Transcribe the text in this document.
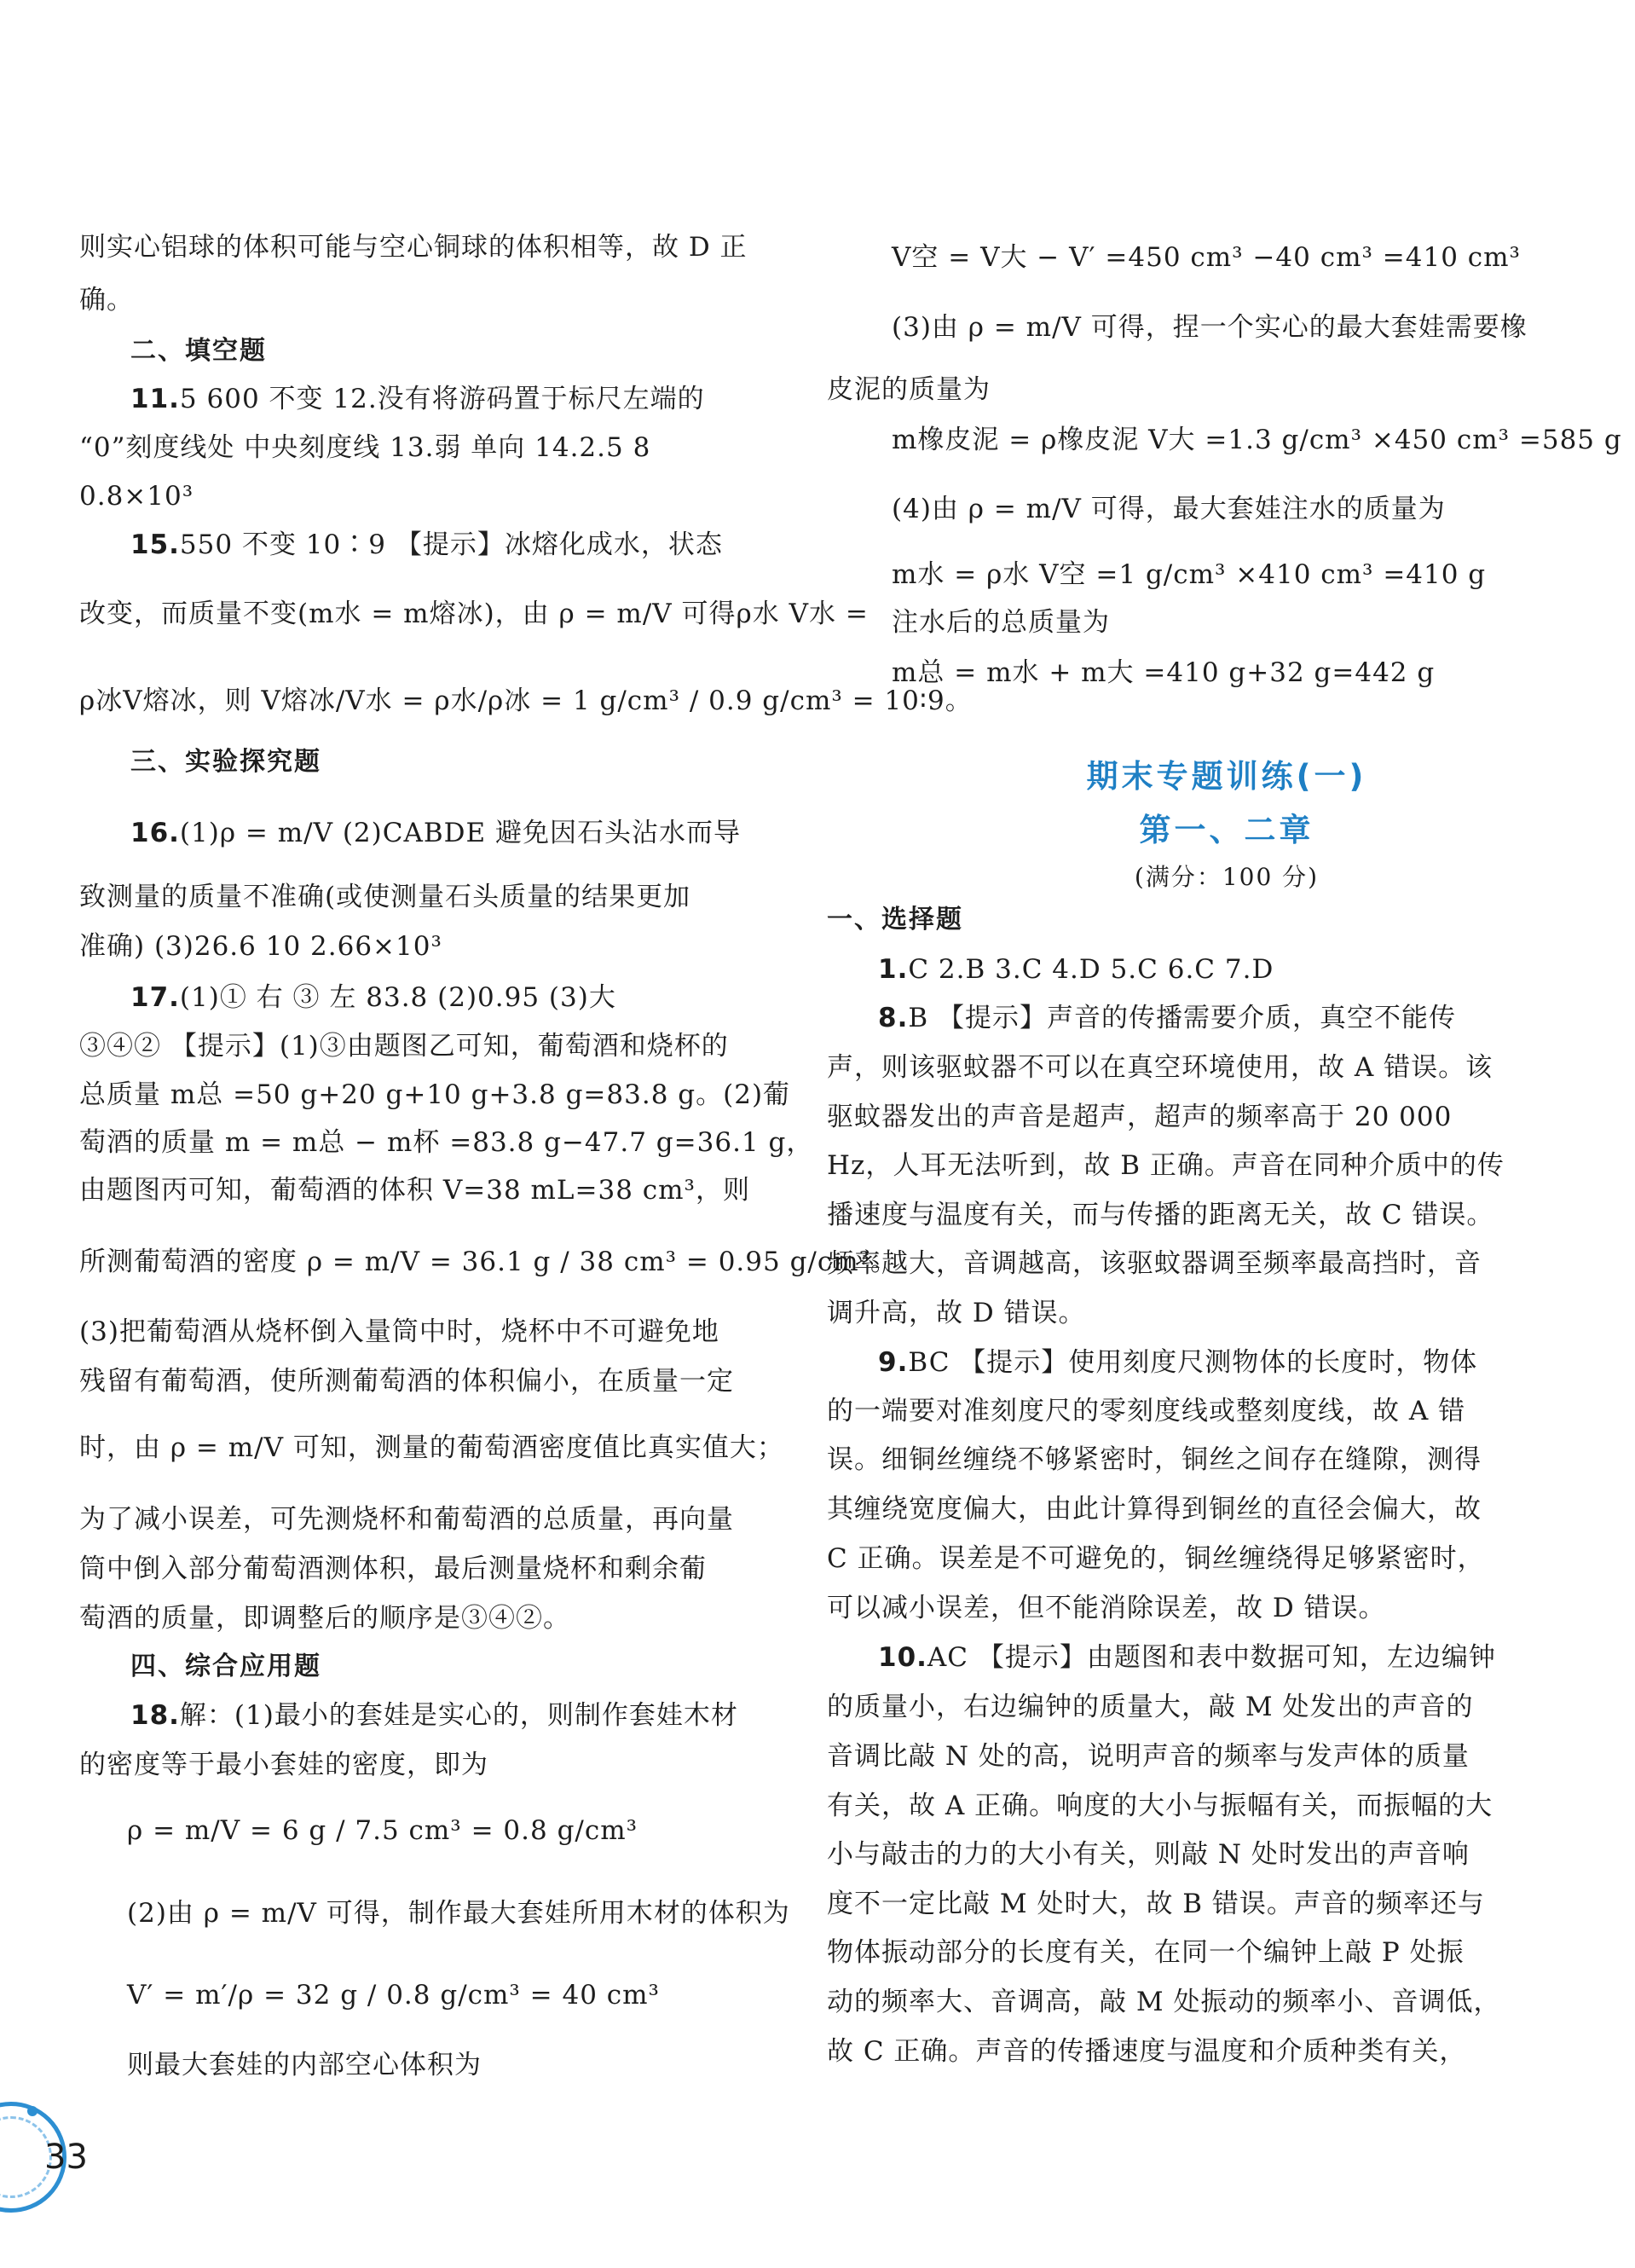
则实心铝球的体积可能与空心铜球的体积相等，故 D 正
确。
二、填空题
11.5 600 不变 12.没有将游码置于标尺左端的
“0”刻度线处 中央刻度线 13.弱 单向 14.2.5 8
0.8×10³
15.550 不变 10∶9 【提示】冰熔化成水，状态
改变，而质量不变(m水 = m熔冰)，由 ρ = m/V 可得ρ水 V水 =
ρ冰V熔冰，则 V熔冰/V水 = ρ水/ρ冰 = 1 g/cm³ / 0.9 g/cm³ = 10∶9。
三、实验探究题
16.(1)ρ = m/V (2)CABDE 避免因石头沾水而导
致测量的质量不准确(或使测量石头质量的结果更加
准确) (3)26.6 10 2.66×10³
17.(1)① 右 ③ 左 83.8 (2)0.95 (3)大
③④② 【提示】(1)③由题图乙可知，葡萄酒和烧杯的
总质量 m总 =50 g+20 g+10 g+3.8 g=83.8 g。(2)葡
萄酒的质量 m = m总 − m杯 =83.8 g−47.7 g=36.1 g，
由题图丙可知，葡萄酒的体积 V=38 mL=38 cm³，则
所测葡萄酒的密度 ρ = m/V = 36.1 g / 38 cm³ = 0.95 g/cm³。
(3)把葡萄酒从烧杯倒入量筒中时，烧杯中不可避免地
残留有葡萄酒，使所测葡萄酒的体积偏小，在质量一定
时，由 ρ = m/V 可知，测量的葡萄酒密度值比真实值大；
为了减小误差，可先测烧杯和葡萄酒的总质量，再向量
筒中倒入部分葡萄酒测体积，最后测量烧杯和剩余葡
萄酒的质量，即调整后的顺序是③④②。
四、综合应用题
18.解：(1)最小的套娃是实心的，则制作套娃木材
的密度等于最小套娃的密度，即为
ρ = m/V = 6 g / 7.5 cm³ = 0.8 g/cm³
(2)由 ρ = m/V 可得，制作最大套娃所用木材的体积为
V′ = m′/ρ = 32 g / 0.8 g/cm³ = 40 cm³
则最大套娃的内部空心体积为
V空 = V大 − V′ =450 cm³ −40 cm³ =410 cm³
(3)由 ρ = m/V 可得，捏一个实心的最大套娃需要橡
皮泥的质量为
m橡皮泥 = ρ橡皮泥 V大 =1.3 g/cm³ ×450 cm³ =585 g
(4)由 ρ = m/V 可得，最大套娃注水的质量为
m水 = ρ水 V空 =1 g/cm³ ×410 cm³ =410 g
注水后的总质量为
m总 = m水 + m大 =410 g+32 g=442 g
期末专题训练(一)
第一、二章
(满分：100 分)
一、选择题
1.C 2.B 3.C 4.D 5.C 6.C 7.D
8.B 【提示】声音的传播需要介质，真空不能传
声，则该驱蚊器不可以在真空环境使用，故 A 错误。该
驱蚊器发出的声音是超声，超声的频率高于 20 000
Hz，人耳无法听到，故 B 正确。声音在同种介质中的传
播速度与温度有关，而与传播的距离无关，故 C 错误。
频率越大，音调越高，该驱蚊器调至频率最高挡时，音
调升高，故 D 错误。
9.BC 【提示】使用刻度尺测物体的长度时，物体
的一端要对准刻度尺的零刻度线或整刻度线，故 A 错
误。细铜丝缠绕不够紧密时，铜丝之间存在缝隙，测得
其缠绕宽度偏大，由此计算得到铜丝的直径会偏大，故
C 正确。误差是不可避免的，铜丝缠绕得足够紧密时，
可以减小误差，但不能消除误差，故 D 错误。
10.AC 【提示】由题图和表中数据可知，左边编钟
的质量小，右边编钟的质量大，敲 M 处发出的声音的
音调比敲 N 处的高，说明声音的频率与发声体的质量
有关，故 A 正确。响度的大小与振幅有关，而振幅的大
小与敲击的力的大小有关，则敲 N 处时发出的声音响
度不一定比敲 M 处时大，故 B 错误。声音的频率还与
物体振动部分的长度有关，在同一个编钟上敲 P 处振
动的频率大、音调高，敲 M 处振动的频率小、音调低，
故 C 正确。声音的传播速度与温度和介质种类有关，
33
